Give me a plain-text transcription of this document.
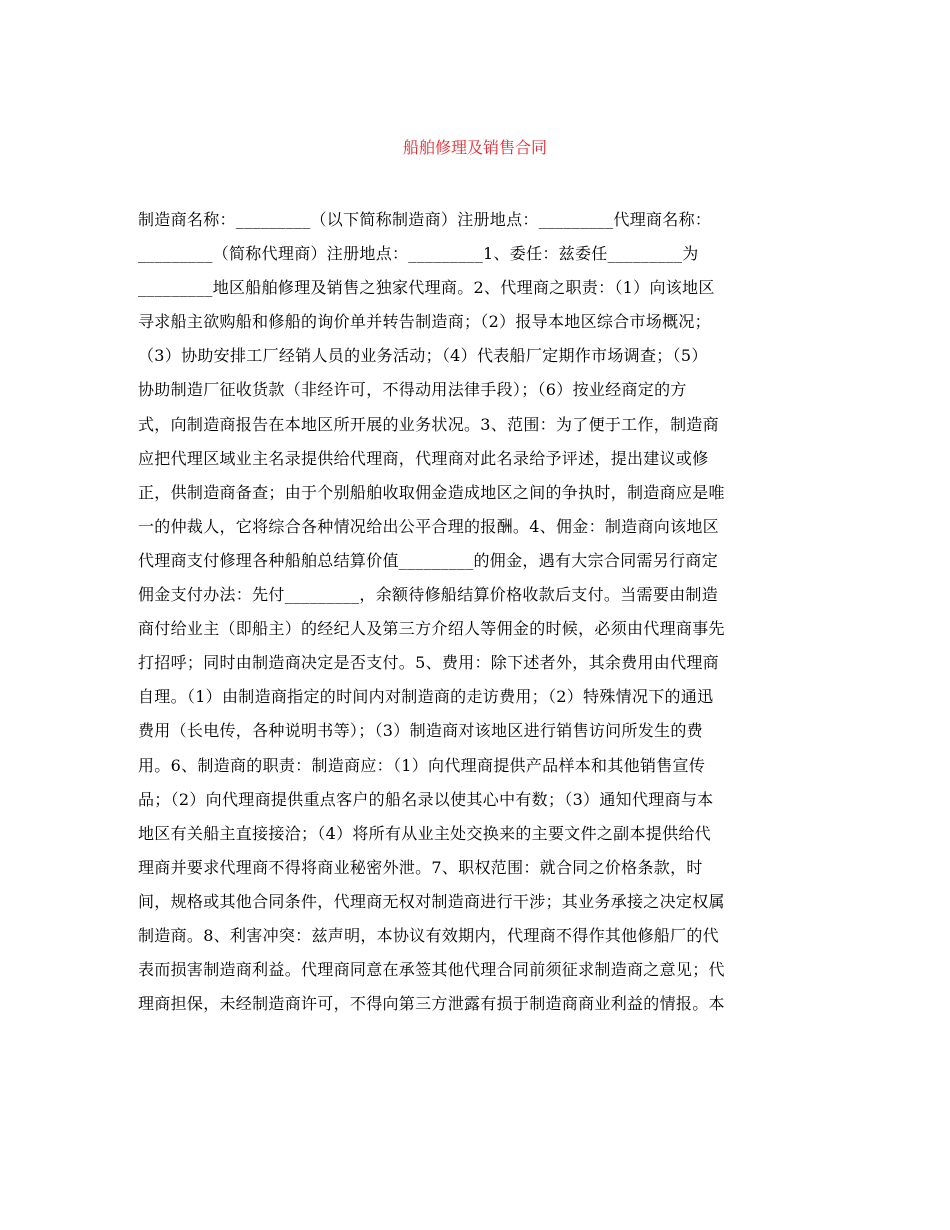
船舶修理及销售合同
制造商名称：_________（以下简称制造商）注册地点：_________代理商名称：
_________（简称代理商）注册地点：_________1、委任：兹委任_________为
_________地区船舶修理及销售之独家代理商。2、代理商之职责：（1）向该地区
寻求船主欲购船和修船的询价单并转告制造商；（2）报导本地区综合市场概况；
（3）协助安排工厂经销人员的业务活动；（4）代表船厂定期作市场调查；（5）
协助制造厂征收货款（非经许可，不得动用法律手段）；（6）按业经商定的方
式，向制造商报告在本地区所开展的业务状况。3、范围：为了便于工作，制造商
应把代理区域业主名录提供给代理商，代理商对此名录给予评述，提出建议或修
正，供制造商备查；由于个别船舶收取佣金造成地区之间的争执时，制造商应是唯
一的仲裁人，它将综合各种情况给出公平合理的报酬。4、佣金：制造商向该地区
代理商支付修理各种船舶总结算价值_________的佣金，遇有大宗合同需另行商定
佣金支付办法：先付_________，余额待修船结算价格收款后支付。当需要由制造
商付给业主（即船主）的经纪人及第三方介绍人等佣金的时候，必须由代理商事先
打招呼；同时由制造商决定是否支付。5、费用：除下述者外，其余费用由代理商
自理。（1）由制造商指定的时间内对制造商的走访费用；（2）特殊情况下的通迅
费用（长电传，各种说明书等）；（3）制造商对该地区进行销售访问所发生的费
用。6、制造商的职责：制造商应：（1）向代理商提供产品样本和其他销售宣传
品；（2）向代理商提供重点客户的船名录以使其心中有数；（3）通知代理商与本
地区有关船主直接接洽；（4）将所有从业主处交换来的主要文件之副本提供给代
理商并要求代理商不得将商业秘密外泄。7、职权范围：就合同之价格条款，时
间，规格或其他合同条件，代理商无权对制造商进行干涉；其业务承接之决定权属
制造商。8、利害冲突：兹声明，本协议有效期内，代理商不得作其他修船厂的代
表而损害制造商利益。代理商同意在承签其他代理合同前须征求制造商之意见；代
理商担保，未经制造商许可，不得向第三方泄露有损于制造商商业利益的情报。本
